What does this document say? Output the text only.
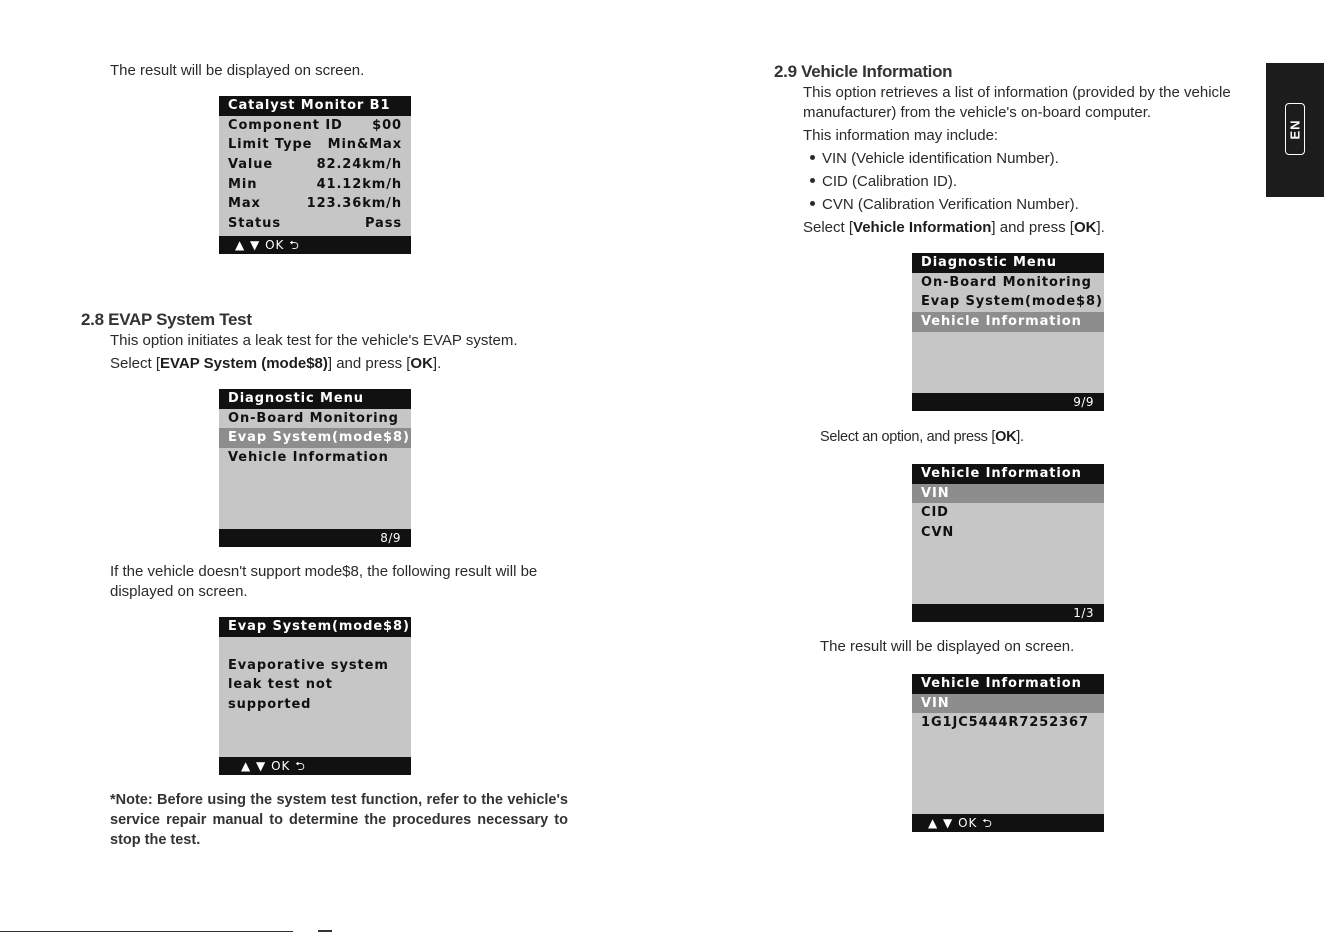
The result will be displayed on screen.
Catalyst Monitor B1
Component ID $00
Limit Type Min&Max
Value	82.24km/h
Min	41.12km/h
Max	123.36km/h
Status	Pass
▲ ▼ OK ⮌
2.8 EVAP System Test
This option initiates a leak test for the vehicle's EVAP system.
Select [EVAP System (mode$8)] and press [OK].
Diagnostic Menu
On-Board Monitoring
Evap System(mode$8)
Vehicle Information
8/9
If the vehicle doesn't support mode$8, the following result will be
displayed on screen.
Evap System(mode$8)
Evaporative system
leak test not
supported
▲ ▼ OK ⮌
*Note: Before using the system test function, refer to the vehicle's service repair manual to determine the procedures necessary to stop the test.
2.9 Vehicle Information
This option retrieves a list of information (provided by the vehicle
manufacturer) from the vehicle's on-board computer.
This information may include:
VIN (Vehicle identification Number).
CID (Calibration ID).
CVN (Calibration Verification Number).
Select [Vehicle Information] and press [OK].
Diagnostic Menu
On-Board Monitoring
Evap System(mode$8)
Vehicle Information
9/9
Select an option, and press [OK].
Vehicle Information
VIN
CID
CVN
1/3
The result will be displayed on screen.
Vehicle Information
VIN
1G1JC5444R7252367
▲ ▼ OK ⮌
EN
